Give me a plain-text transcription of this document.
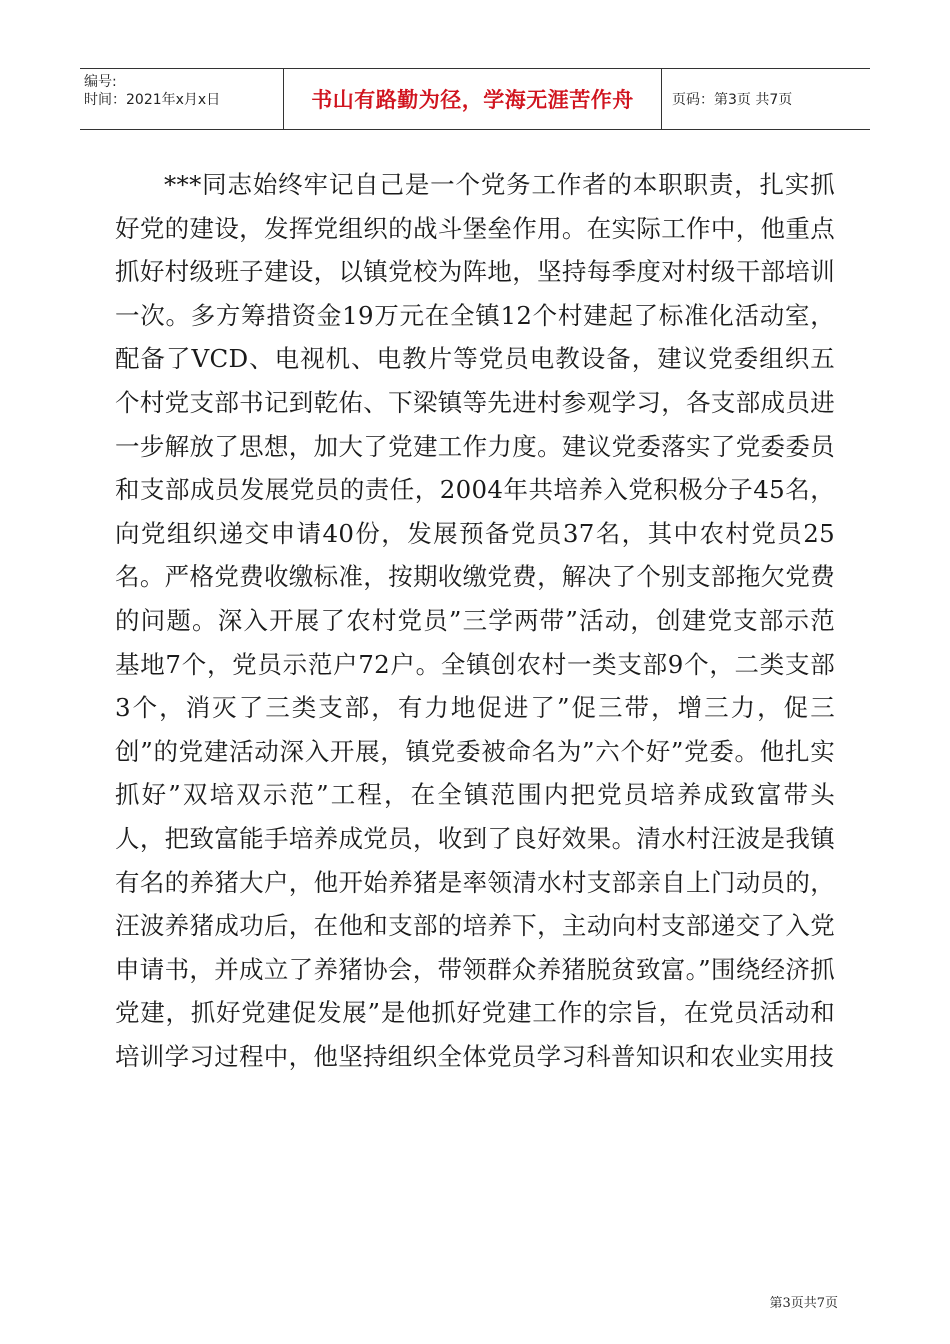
编号:
时间：2021年x月x日	书山有路勤为径，学海无涯苦作舟	页码：第3页 共7页
***同志始终牢记自己是一个党务工作者的本职职责，扎实抓好党的建设，发挥党组织的战斗堡垒作用。在实际工作中，他重点抓好村级班子建设，以镇党校为阵地，坚持每季度对村级干部培训一次。多方筹措资金19万元在全镇12个村建起了标准化活动室，配备了VCD、电视机、电教片等党员电教设备，建议党委组织五个村党支部书记到乾佑、下梁镇等先进村参观学习，各支部成员进一步解放了思想，加大了党建工作力度。建议党委落实了党委委员和支部成员发展党员的责任，2004年共培养入党积极分子45名，向党组织递交申请40份，发展预备党员37名，其中农村党员25名。严格党费收缴标准，按期收缴党费，解决了个别支部拖欠党费的问题。深入开展了农村党员”三学两带”活动，创建党支部示范基地7个，党员示范户72户。全镇创农村一类支部9个，二类支部3个，消灭了三类支部，有力地促进了”促三带，增三力，促三创”的党建活动深入开展，镇党委被命名为”六个好”党委。他扎实抓好”双培双示范”工程，在全镇范围内把党员培养成致富带头人，把致富能手培养成党员，收到了良好效果。清水村汪波是我镇有名的养猪大户，他开始养猪是率领清水村支部亲自上门动员的，汪波养猪成功后，在他和支部的培养下，主动向村支部递交了入党申请书，并成立了养猪协会，带领群众养猪脱贫致富。”围绕经济抓党建，抓好党建促发展”是他抓好党建工作的宗旨，在党员活动和培训学习过程中，他坚持组织全体党员学习科普知识和农业实用技
第3页共7页
